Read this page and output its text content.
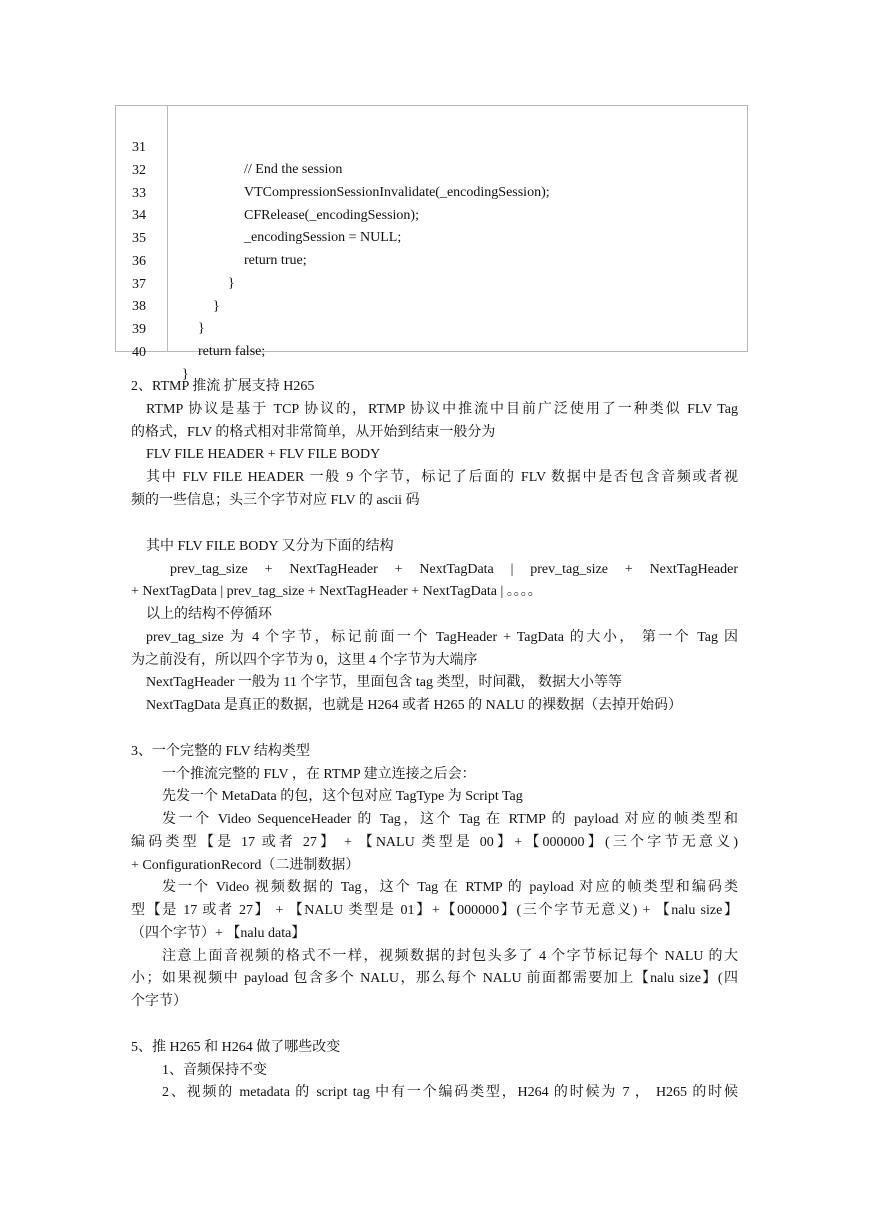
31

// End the session

32

VTCompressionSessionInvalidate(_encodingSession);

33

CFRelease(_encodingSession);

34

_encodingSession = NULL;

35

return true;

36

}

37

}

38

}

39

return false;

40

}

2、RTMP 推流 扩展支持 H265
RTMP 协议是基于 TCP 协议的，RTMP 协议中推流中目前广泛使用了一种类似 FLV Tag
的格式，FLV 的格式相对非常简单，从开始到结束一般分为
FLV FILE HEADER + FLV FILE BODY
其中 FLV FILE HEADER 一般 9 个字节，标记了后面的 FLV 数据中是否包含音频或者视
频的一些信息；头三个字节对应 FLV 的 ascii 码
其中 FLV FILE BODY 又分为下面的结构
prev_tag_size + NextTagHeader + NextTagData | prev_tag_size + NextTagHeader
+ NextTagData | prev_tag_size + NextTagHeader + NextTagData | 。。。。
以上的结构不停循环
prev_tag_size 为 4 个字节，标记前面一个 TagHeader + TagData 的大小， 第一个 Tag 因
为之前没有，所以四个字节为 0，这里 4 个字节为大端序
NextTagHeader 一般为 11 个字节，里面包含 tag 类型，时间戳， 数据大小等等
NextTagData 是真正的数据，也就是 H264 或者 H265 的 NALU 的裸数据（去掉开始码）
3、一个完整的 FLV 结构类型
一个推流完整的 FLV ，在 RTMP 建立连接之后会：
先发一个 MetaData 的包，这个包对应 TagType 为 Script Tag
发一个 Video SequenceHeader 的 Tag，这个 Tag 在 RTMP 的 payload 对应的帧类型和
编码类型【是 17 或者 27】 + 【NALU 类型是 00】+【000000】(三个字节无意义)
+ ConfigurationRecord（二进制数据）
发一个 Video 视频数据的 Tag，这个 Tag 在 RTMP 的 payload 对应的帧类型和编码类
型【是 17 或者 27】 + 【NALU 类型是 01】+【000000】(三个字节无意义) + 【nalu size】
（四个字节）+ 【nalu data】
注意上面音视频的格式不一样，视频数据的封包头多了 4 个字节标记每个 NALU 的大
小；如果视频中 payload 包含多个 NALU，那么每个 NALU 前面都需要加上【nalu size】(四
个字节）
5、推 H265 和 H264 做了哪些改变
1、音频保持不变
2、视频的 metadata 的 script tag 中有一个编码类型，H264 的时候为 7 ， H265 的时候
